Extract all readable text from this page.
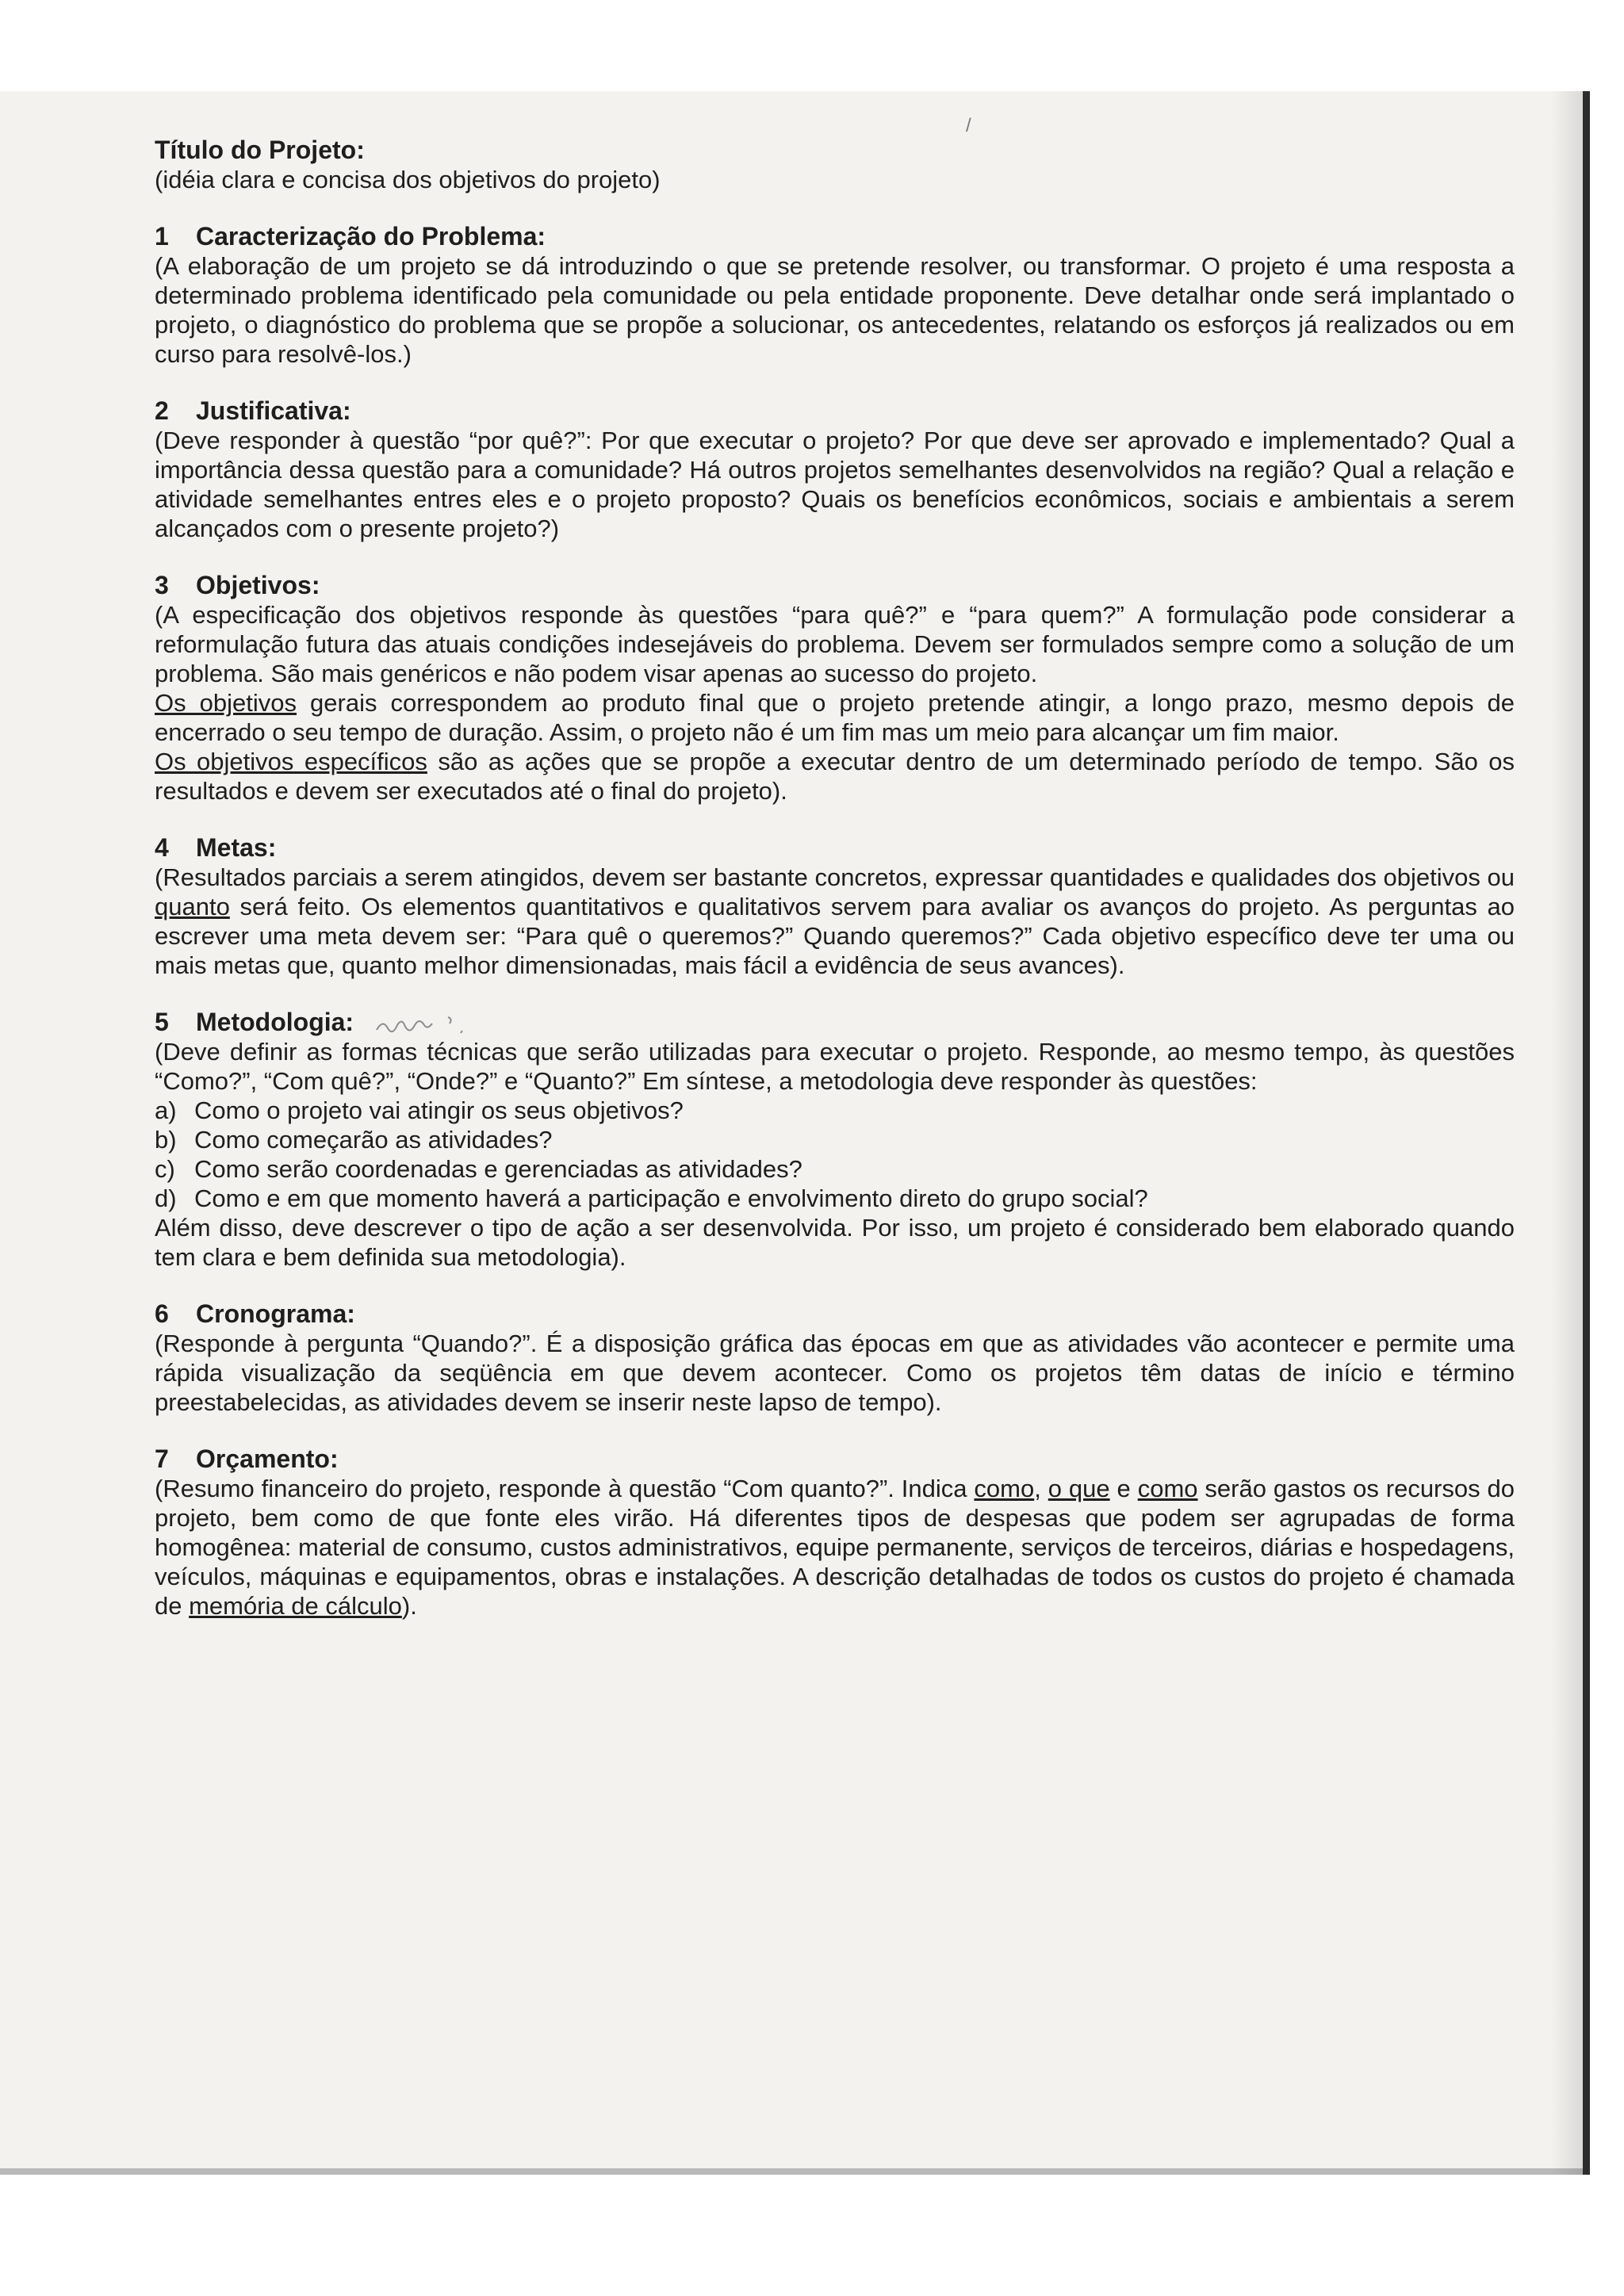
/
Título do Projeto:
(idéia clara e concisa dos objetivos do projeto)
1 Caracterização do Problema:

(A elaboração de um projeto se dá introduzindo o que se pretende resolver, ou transformar. O projeto é uma resposta a determinado problema identificado pela comunidade ou pela entidade proponente. Deve detalhar onde será implantado o projeto, o diagnóstico do problema que se propõe a solucionar, os antecedentes, relatando os esforços já realizados ou em curso para resolvê-los.)

2 Justificativa:

(Deve responder à questão “por quê?”: Por que executar o projeto? Por que deve ser aprovado e implementado? Qual a importância dessa questão para a comunidade? Há outros projetos semelhantes desenvolvidos na região? Qual a relação e atividade semelhantes entres eles e o projeto proposto? Quais os benefícios econômicos, sociais e ambientais a serem alcançados com o presente projeto?)

3 Objetivos:

(A especificação dos objetivos responde às questões “para quê?” e “para quem?” A formulação pode considerar a reformulação futura das atuais condições indesejáveis do problema. Devem ser formulados sempre como a solução de um problema. São mais genéricos e não podem visar apenas ao sucesso do projeto.

Os objetivos gerais correspondem ao produto final que o projeto pretende atingir, a longo prazo, mesmo depois de encerrado o seu tempo de duração. Assim, o projeto não é um fim mas um meio para alcançar um fim maior.

Os objetivos específicos são as ações que se propõe a executar dentro de um determinado período de tempo. São os resultados e devem ser executados até o final do projeto).

4 Metas:

(Resultados parciais a serem atingidos, devem ser bastante concretos, expressar quantidades e qualidades dos objetivos ou quanto será feito. Os elementos quantitativos e qualitativos servem para avaliar os avanços do projeto. As perguntas ao escrever uma meta devem ser: “Para quê o queremos?” Quando queremos?” Cada objetivo específico deve ter uma ou mais metas que, quanto melhor dimensionadas, mais fácil a evidência de seus avances).

5 Metodologia:

(Deve definir as formas técnicas que serão utilizadas para executar o projeto. Responde, ao mesmo tempo, às questões “Como?”, “Com quê?”, “Onde?” e “Quanto?” Em síntese, a metodologia deve responder às questões:

a) Como o projeto vai atingir os seus objetivos?
b) Como começarão as atividades?
c) Como serão coordenadas e gerenciadas as atividades?
d) Como e em que momento haverá a participação e envolvimento direto do grupo social?

Além disso, deve descrever o tipo de ação a ser desenvolvida. Por isso, um projeto é considerado bem elaborado quando tem clara e bem definida sua metodologia).

6 Cronograma:

(Responde à pergunta “Quando?”. É a disposição gráfica das épocas em que as atividades vão acontecer e permite uma rápida visualização da seqüência em que devem acontecer. Como os projetos têm datas de início e término preestabelecidas, as atividades devem se inserir neste lapso de tempo).

7 Orçamento:

(Resumo financeiro do projeto, responde à questão “Com quanto?”. Indica como, o que e como serão gastos os recursos do projeto, bem como de que fonte eles virão. Há diferentes tipos de despesas que podem ser agrupadas de forma homogênea: material de consumo, custos administrativos, equipe permanente, serviços de terceiros, diárias e hospedagens, veículos, máquinas e equipamentos, obras e instalações. A descrição detalhadas de todos os custos do projeto é chamada de memória de cálculo).
